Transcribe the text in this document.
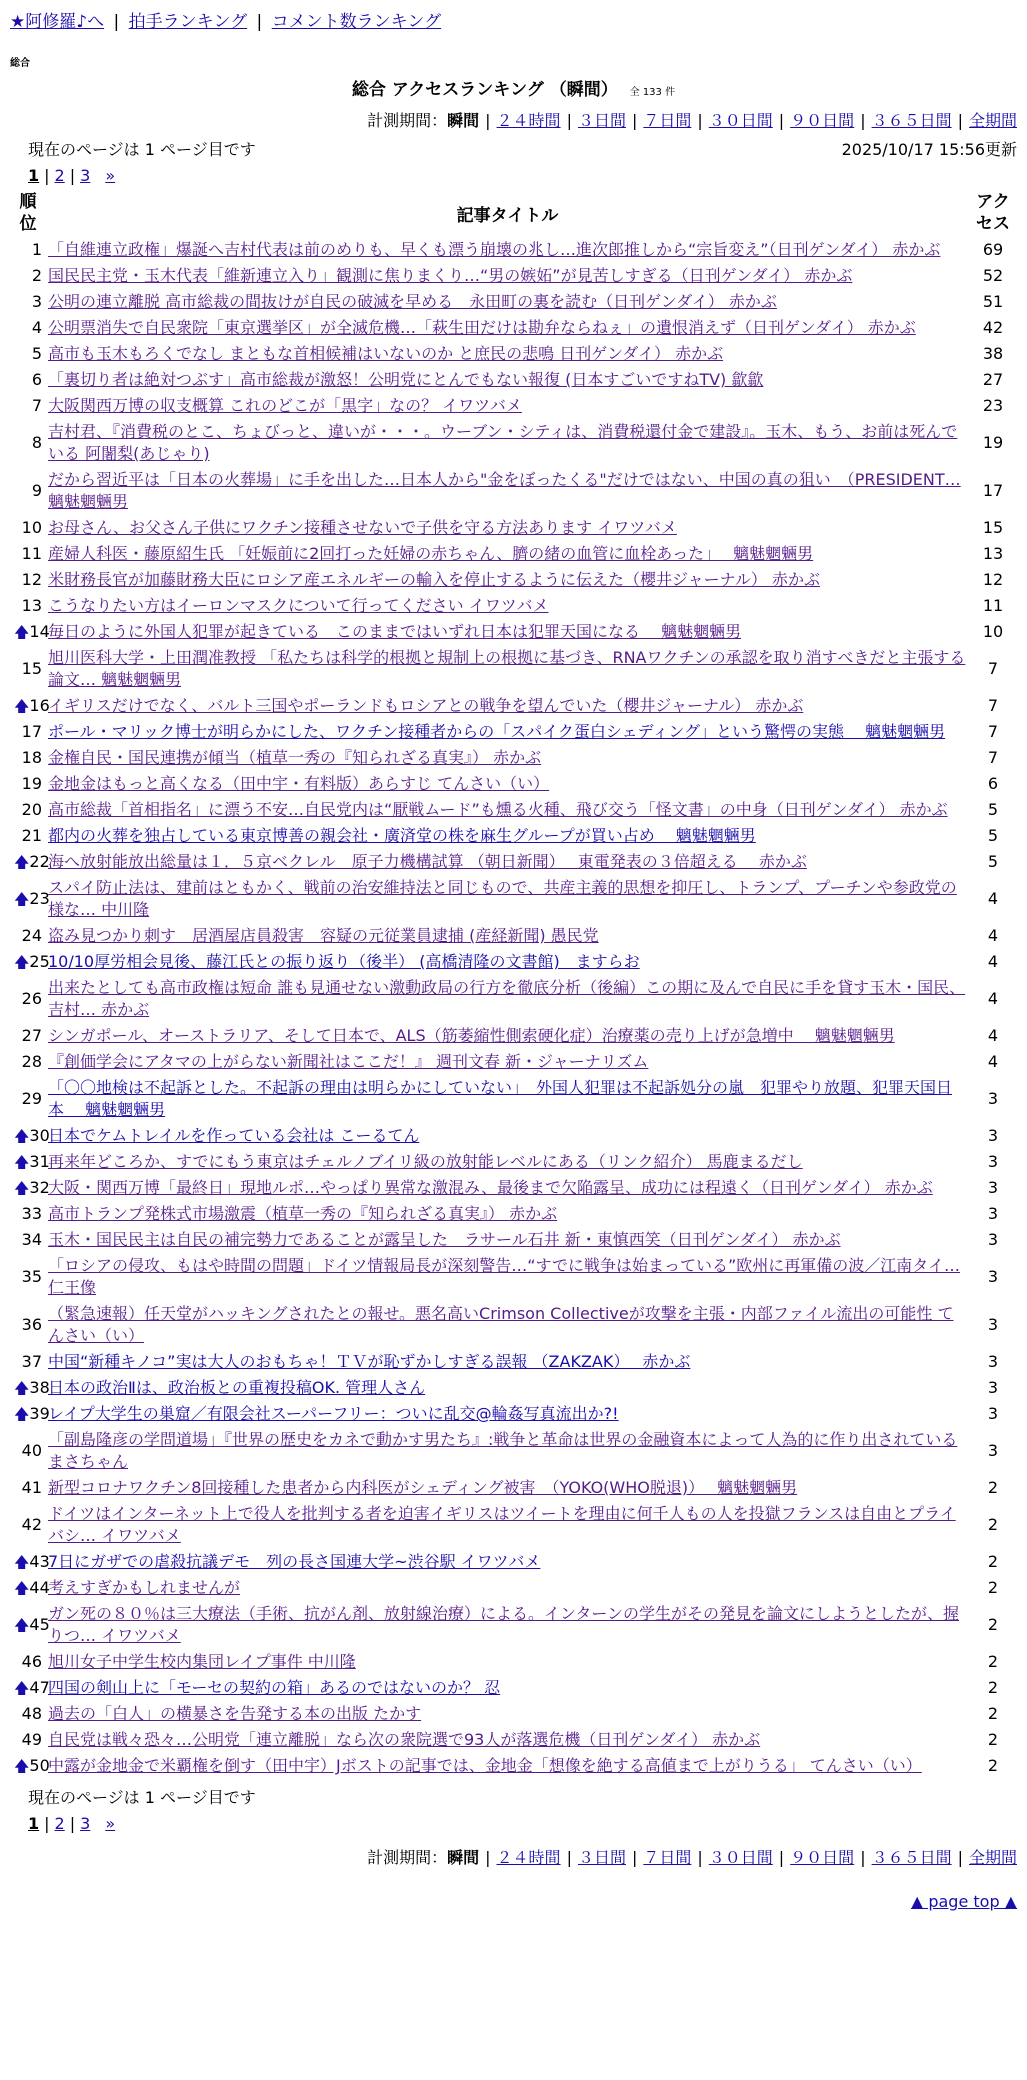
★阿修羅♪へ | 拍手ランキング | コメント数ランキング
総合
総合 アクセスランキング （瞬間） 全 133 件
計測期間：瞬間 | ２４時間 | ３日間 | ７日間 | ３０日間 | ９０日間 | ３６５日間 | 全期間
現在のページは 1 ページ目です	2025/10/17 15:56更新
1 | 2 | 3 »
順位	記事タイトル	アクセス
1	「自維連立政権」爆誕へ吉村代表は前のめりも、早くも漂う崩壊の兆し…進次郎推しから“宗旨変え”（日刊ゲンダイ） 赤かぶ	69
2	国民民主党・玉木代表「維新連立入り」観測に焦りまくり…“男の嫉妬”が見苦しすぎる（日刊ゲンダイ） 赤かぶ	52
3	公明の連立離脱 高市総裁の間抜けが自民の破滅を早める　永田町の裏を読む（日刊ゲンダイ） 赤かぶ	51
4	公明票消失で自民衆院「東京選挙区」が全滅危機…「萩生田だけは勘弁ならねぇ」の遺恨消えず（日刊ゲンダイ） 赤かぶ	42
5	高市も玉木もろくでなし まともな首相候補はいないのか と庶民の悲鳴 日刊ゲンダイ） 赤かぶ	38
6	「裏切り者は絶対つぶす」高市総裁が激怒！公明党にとんでもない報復 (日本すごいですねTV) 歙歙	27
7	大阪関西万博の収支概算 これのどこが「黒字」なの？ イワツバメ	23
8	吉村君、『消費税のとこ、ちょびっと、違いが・・・。ウーブン・シティは、消費税還付金で建設』。玉木、もう、お前は死んでいる 阿闍梨(あじゃり)	19
9	だから習近平は「日本の火葬場」に手を出した…日本人から"金をぼったくる"だけではない、中国の真の狙い　（PRESIDENT… 魑魅魍魎男	17
10	お母さん、お父さん子供にワクチン接種させないで子供を守る方法あります イワツバメ	15
11	産婦人科医・藤原紹生氏 「妊娠前に2回打った妊婦の赤ちゃん、臍の緒の血管に血栓あった」　 魑魅魍魎男	13
12	米財務長官が加藤財務大臣にロシア産エネルギーの輸入を停止するように伝えた（櫻井ジャーナル） 赤かぶ	12
13	こうなりたい方はイーロンマスクについて行ってください イワツバメ	11

🡅 14	毎日のように外国人犯罪が起きている　このままではいずれ日本は犯罪天国になる　 魑魅魍魎男	10
15	旭川医科大学・上田潤准教授 「私たちは科学的根拠と規制上の根拠に基づき、RNAワクチンの承認を取り消すべきだと主張する論文… 魑魅魍魎男	7

🡅 16	イギリスだけでなく、バルト三国やポーランドもロシアとの戦争を望んでいた（櫻井ジャーナル） 赤かぶ	7
17	ポール・マリック博士が明らかにした、ワクチン接種者からの「スパイク蛋白シェディング」という驚愕の実態　 魑魅魍魎男	7
18	金権自民・国民連携が傾当（植草一秀の『知られざる真実』） 赤かぶ	7
19	金地金はもっと高くなる（田中宇・有料版）あらすじ てんさい（い）	6
20	高市総裁「首相指名」に漂う不安…自民党内は“厭戦ムード”も燻る火種、飛び交う「怪文書」の中身（日刊ゲンダイ） 赤かぶ	5
21	都内の火葬を独占している東京博善の親会社・廣済堂の株を麻生グループが買い占め　 魑魅魍魎男	5

🡅 22	海へ放射能放出総量は１．５京ベクレル　原子力機構試算 （朝日新聞）　 東電発表の３倍超える　 赤かぶ	5

🡅 23	スパイ防止法は、建前はともかく、戦前の治安維持法と同じもので、共産主義的思想を抑圧し、トランプ、プーチンや参政党の様な… 中川隆	4
24	盗み見つかり刺す　居酒屋店員殺害　容疑の元従業員逮捕 (産経新聞) 愚民党	4

🡅 25	10/10厚労相会見後、藤江氏との振り返り（後半） (高橋清隆の文書館)　ますらお	4
26	出来たとしても高市政権は短命 誰も見通せない激動政局の行方を徹底分析（後編）この期に及んで自民に手を貸す玉木・国民、吉村… 赤かぶ	4
27	シンガポール、オーストラリア、そして日本で、ALS（筋萎縮性側索硬化症）治療薬の売り上げが急増中　 魑魅魍魎男	4
28	『創価学会にアタマの上がらない新聞社はここだ！』 週刊文春 新・ジャーナリズム	4
29	「〇〇地検は不起訴とした。不起訴の理由は明らかにしていない」　外国人犯罪は不起訴処分の嵐　犯罪やり放題、犯罪天国日本　 魑魅魍魎男	3

🡅 30	日本でケムトレイルを作っている会社は こーるてん	3

🡅 31	再来年どころか、すでにもう東京はチェルノブイリ級の放射能レベルにある（リンク紹介） 馬鹿まるだし	3

🡅 32	大阪・関西万博「最終日」現地ルポ…やっぱり異常な激混み、最後まで欠陥露呈、成功には程遠く（日刊ゲンダイ） 赤かぶ	3
33	高市トランプ発株式市場激震（植草一秀の『知られざる真実』） 赤かぶ	3
34	玉木・国民民主は自民の補完勢力であることが露呈した　ラサール石井 新・東慎西笑（日刊ゲンダイ） 赤かぶ	3
35	「ロシアの侵攻、もはや時間の問題」ドイツ情報局長が深刻警告…“すでに戦争は始まっている”欧州に再軍備の波／江南タイ… 仁王像	3
36	（緊急速報）任天堂がハッキングされたとの報せ。悪名高いCrimson Collectiveが攻撃を主張・内部ファイル流出の可能性 てんさい（い）	3
37	中国“新種キノコ”実は大人のおもちゃ！ＴＶが恥ずかしすぎる誤報 （ZAKZAK）　 赤かぶ	3

🡅 38	日本の政治Ⅱは、政治板との重複投稿OK. 管理人さん	3

🡅 39	レイプ大学生の巣窟／有限会社スーパーフリー：ついに乱交@輪姦写真流出か?!	3
40	「副島隆彦の学問道場」『世界の歴史をカネで動かす男たち』:戦争と革命は世界の金融資本によって人為的に作り出されているまさちゃん	3
41	新型コロナワクチン8回接種した患者から内科医がシェディング被害　（YOKO(WHO脱退)）　 魑魅魍魎男	2
42	ドイツはインターネット上で役人を批判する者を迫害イギリスはツイートを理由に何千人もの人を投獄フランスは自由とプライバシ… イワツバメ	2

🡅 43	7日にガザでの虐殺抗議デモ　列の長さ国連大学~渋谷駅 イワツバメ	2

🡅 44	考えすぎかもしれませんが	2

🡅 45	ガン死の８０％は三大療法（手術、抗がん剤、放射線治療）による。インターンの学生がその発見を論文にしようとしたが、握りつ… イワツバメ	2
46	旭川女子中学生校内集団レイプ事件 中川隆	2

🡅 47	四国の剣山上に「モーセの契約の箱」あるのではないのか？ 忍	2
48	過去の「白人」の横暴さを告発する本の出版 たかす	2
49	自民党は戦々恐々…公明党「連立離脱」なら次の衆院選で93人が落選危機（日刊ゲンダイ） 赤かぶ	2

🡅 50	中露が金地金で米覇権を倒す（田中宇）Jボストの記事では、金地金「想像を絶する高値まで上がりうる」 てんさい（い）	2
現在のページは 1 ページ目です
1 | 2 | 3 »
計測期間：瞬間 | ２４時間 | ３日間 | ７日間 | ３０日間 | ９０日間 | ３６５日間 | 全期間
▲ page top ▲
